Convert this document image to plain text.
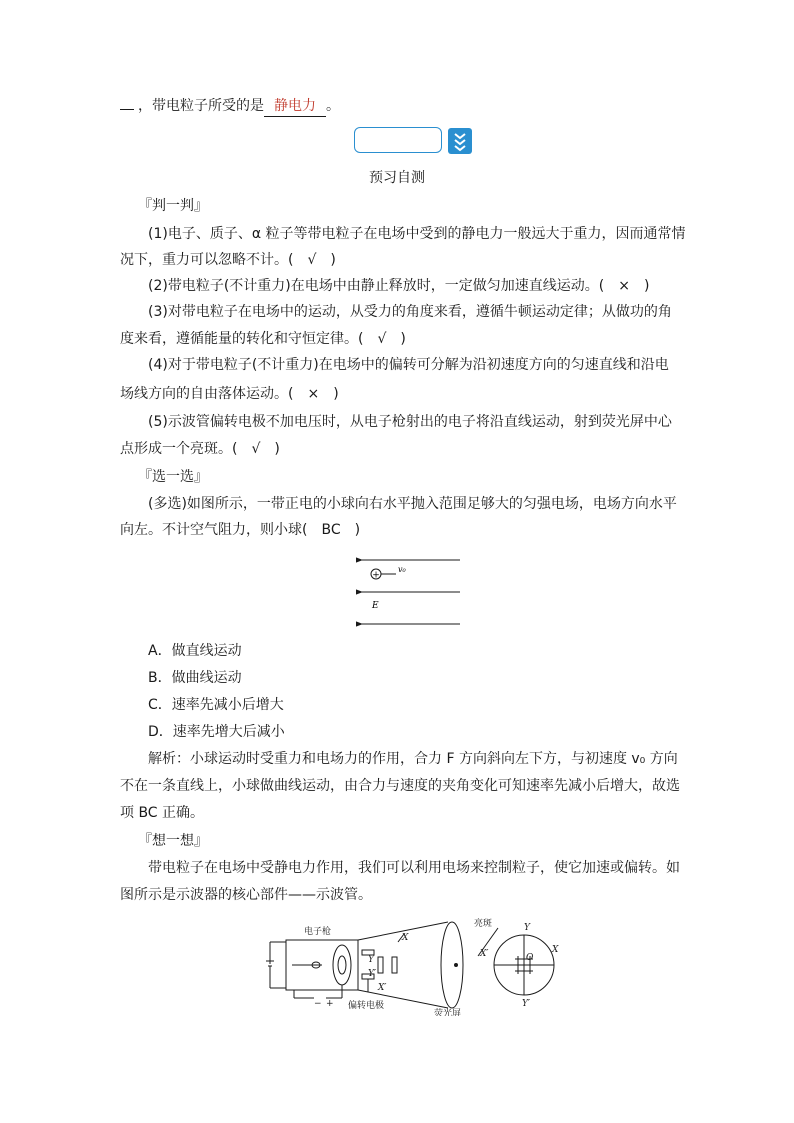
，带电粒子所受的是 静电力 。

预习自测

『判一判』

(1)电子、质子、α 粒子等带电粒子在电场中受到的静电力一般远大于重力，因而通常情

况下，重力可以忽略不计。(　√　)

(2)带电粒子(不计重力)在电场中由静止释放时，一定做匀加速直线运动。(　×　)

(3)对带电粒子在电场中的运动，从受力的角度来看，遵循牛顿运动定律；从做功的角

度来看，遵循能量的转化和守恒定律。(　√　)

(4)对于带电粒子(不计重力)在电场中的偏转可分解为沿初速度方向的匀速直线和沿电

场线方向的自由落体运动。(　×　)

(5)示波管偏转电极不加电压时，从电子枪射出的电子将沿直线运动，射到荧光屏中心

点形成一个亮斑。(　√　)

『选一选』

(多选)如图所示，一带正电的小球向右水平抛入范围足够大的匀强电场，电场方向水平

向左。不计空气阻力，则小球(　BC　)

+
v₀
E

A．做直线运动

B．做曲线运动

C．速率先减小后增大

D．速率先增大后减小

解析：小球运动时受重力和电场力的作用，合力 F 方向斜向左下方，与初速度 v₀ 方向

不在一条直线上，小球做曲线运动，由合力与速度的夹角变化可知速率先减小后增大，故选

项 BC 正确。

『想一想』

带电粒子在电场中受静电力作用，我们可以利用电场来控制粒子，使它加速或偏转。如

图所示是示波器的核心部件——示波管。

电子枪
偏转电极
荧光屏
亮斑
− +
X
X′
Y
Y′
Y
Y′
X
X′	O
